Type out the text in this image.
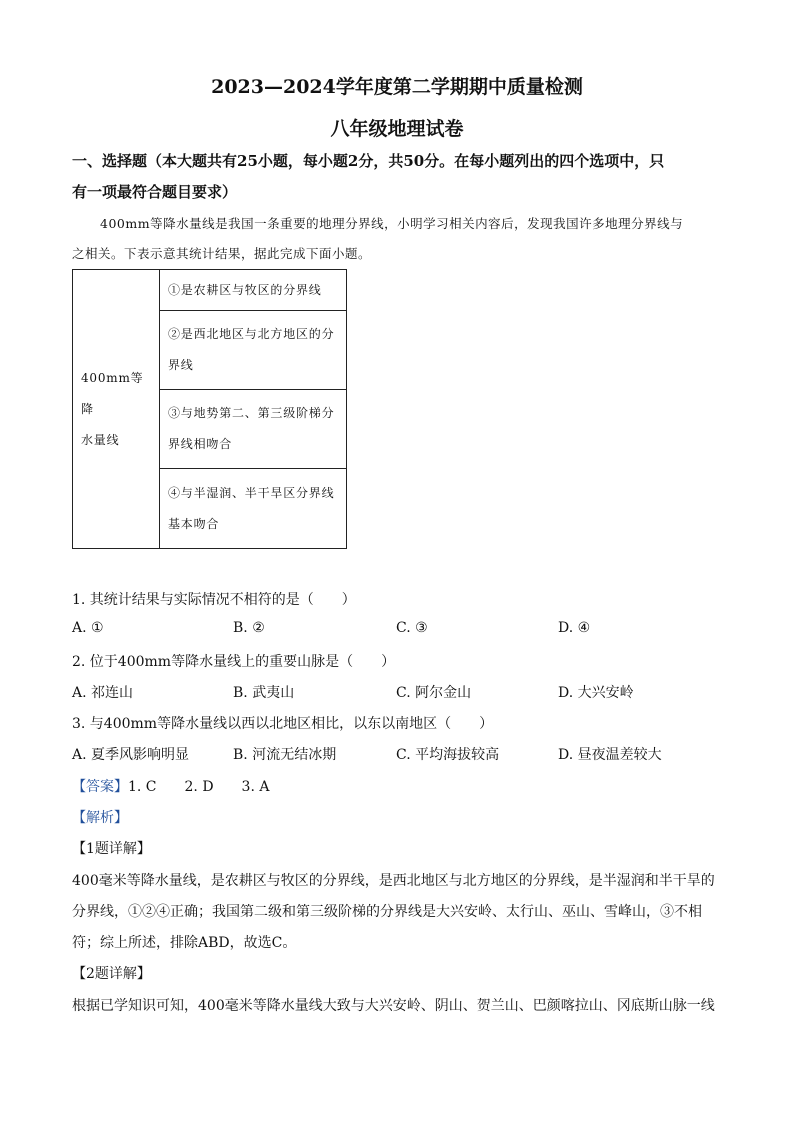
2023—2024学年度第二学期期中质量检测
八年级地理试卷
一、选择题（本大题共有25小题，每小题2分，共50分。在每小题列出的四个选项中，只
有一项最符合题目要求）
400mm等降水量线是我国一条重要的地理分界线，小明学习相关内容后，发现我国许多地理分界线与
之相关。下表示意其统计结果，据此完成下面小题。
400mm等降
水量线
	①是农耕区与牧区的分界线
②是西北地区与北方地区的分界线
③与地势第二、第三级阶梯分界线相吻合
④与半湿润、半干旱区分界线基本吻合
1. 其统计结果与实际情况不相符的是（　　）
A. ①	B. ②	C. ③	D. ④
2. 位于400mm等降水量线上的重要山脉是（　　）
A. 祁连山	B. 武夷山	C. 阿尔金山	D. 大兴安岭
3. 与400mm等降水量线以西以北地区相比，以东以南地区（　　）
A. 夏季风影响明显	B. 河流无结冰期	C. 平均海拔较高	D. 昼夜温差较大
【答案】1. C　　2. D　　3. A
【解析】
【1题详解】
400毫米等降水量线，是农耕区与牧区的分界线，是西北地区与北方地区的分界线，是半湿润和半干旱的
分界线，①②④正确；我国第二级和第三级阶梯的分界线是大兴安岭、太行山、巫山、雪峰山，③不相
符；综上所述，排除ABD，故选C。
【2题详解】
根据已学知识可知，400毫米等降水量线大致与大兴安岭、阴山、贺兰山、巴颜喀拉山、冈底斯山脉一线
